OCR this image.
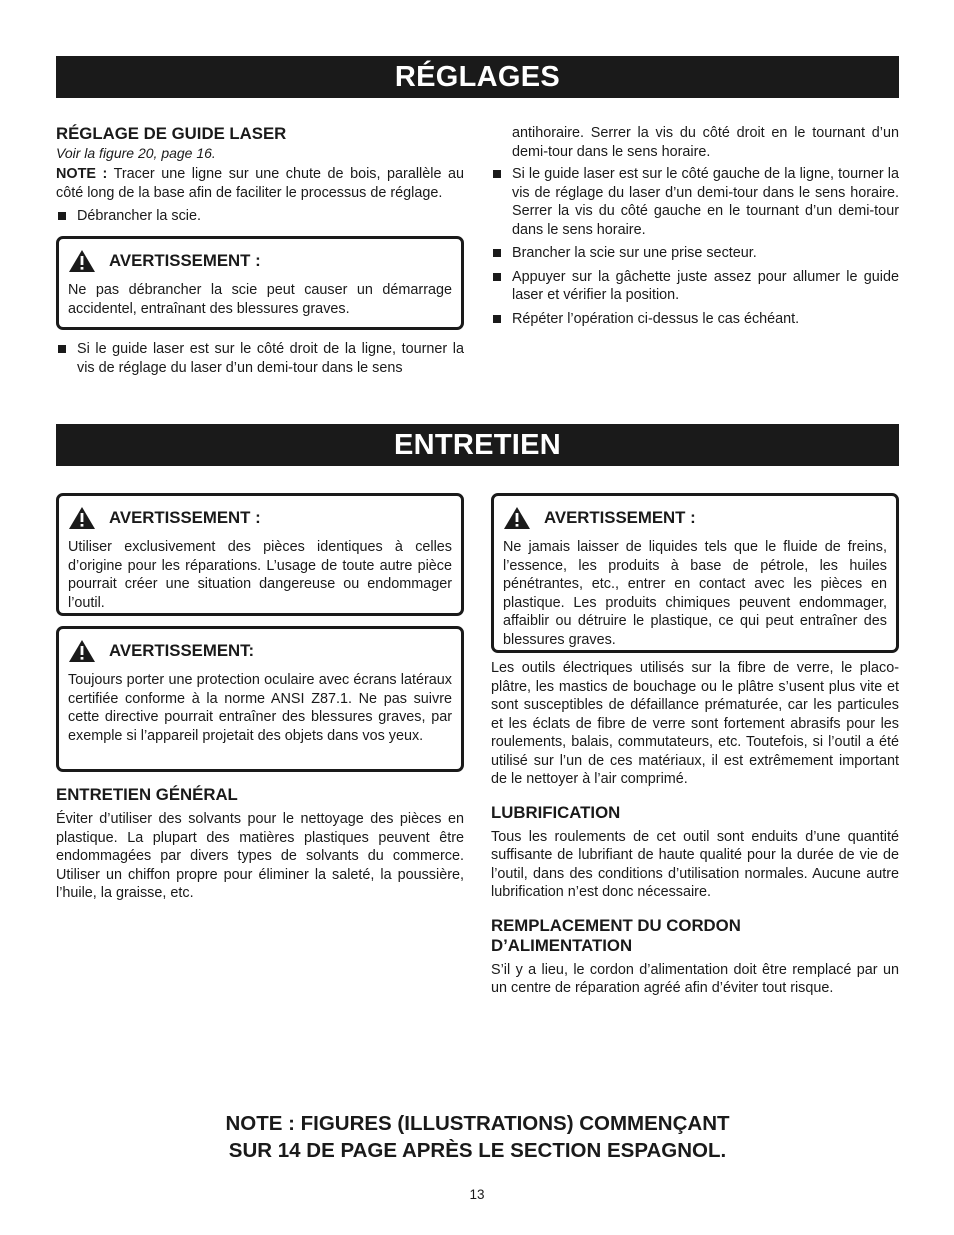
RÉGLAGES
RÉGLAGE DE GUIDE LASER
Voir la figure 20, page 16.
NOTE : Tracer une ligne sur une chute de bois, parallèle au côté long de la base afin de faciliter le processus de réglage.
Débrancher la scie.
AVERTISSEMENT :
Ne pas débrancher la scie peut causer un démarrage accidentel, entraînant des blessures graves.
Si le guide laser est sur le côté droit de la ligne, tourner la vis de réglage du laser d’un demi-tour dans le sens
antihoraire. Serrer la vis du côté droit en le tournant d’un demi-tour dans le sens horaire.
Si le guide laser est sur le côté gauche de la ligne, tourner la vis de réglage du laser d’un demi-tour dans le sens horaire. Serrer la vis du côté gauche en le tournant d’un demi-tour dans le sens horaire.
Brancher la scie sur une prise secteur.
Appuyer sur la gâchette juste assez pour allumer le guide laser et vérifier la position.
Répéter l’opération ci-dessus le cas échéant.
ENTRETIEN
AVERTISSEMENT :
Utiliser exclusivement des pièces identiques à celles d’origine pour les réparations. L’usage de toute autre pièce pourrait créer une situation dangereuse ou endommager l’outil.
AVERTISSEMENT:
Toujours porter une protection oculaire avec écrans latéraux certifiée conforme à la norme ANSI Z87.1. Ne pas suivre cette directive pourrait entraîner des blessures graves, par exemple si l’appareil projetait des objets dans vos yeux.
ENTRETIEN GÉNÉRAL
Éviter d’utiliser des solvants pour le nettoyage des pièces en plastique. La plupart des matières plastiques peuvent être endommagées par divers types de solvants du commerce. Utiliser un chiffon propre pour éliminer la saleté, la poussière, l’huile, la graisse, etc.
AVERTISSEMENT :
Ne jamais laisser de liquides tels que le fluide de freins, l’essence, les produits à base de pétrole, les huiles pénétrantes, etc., entrer en contact avec les pièces en plastique. Les produits chimiques peuvent endommager, affaiblir ou détruire le plastique, ce qui peut entraîner des blessures graves.
Les outils électriques utilisés sur la fibre de verre, le placo-plâtre, les mastics de bouchage ou le plâtre s’usent plus vite et sont susceptibles de défaillance prématurée, car les particules et les éclats de fibre de verre sont fortement abrasifs pour les roulements, balais, commutateurs, etc. Toutefois, si l’outil a été utilisé sur l’un de ces matériaux, il est extrêmement important de le nettoyer à l’air comprimé.
LUBRIFICATION
Tous les roulements de cet outil sont enduits d’une quantité suffisante de lubrifiant de haute qualité pour la durée de vie de l’outil, dans des conditions d’utilisation normales. Aucune autre lubrification n’est donc nécessaire.
REMPLACEMENT DU CORDON
D’ALIMENTATION
S’il y a lieu, le cordon d’alimentation doit être remplacé par un un centre de réparation agréé afin d’éviter tout risque.
NOTE : FIGURES (ILLUSTRATIONS) COMMENÇANT
SUR 14 DE PAGE APRÈS LE SECTION ESPAGNOL.
13
